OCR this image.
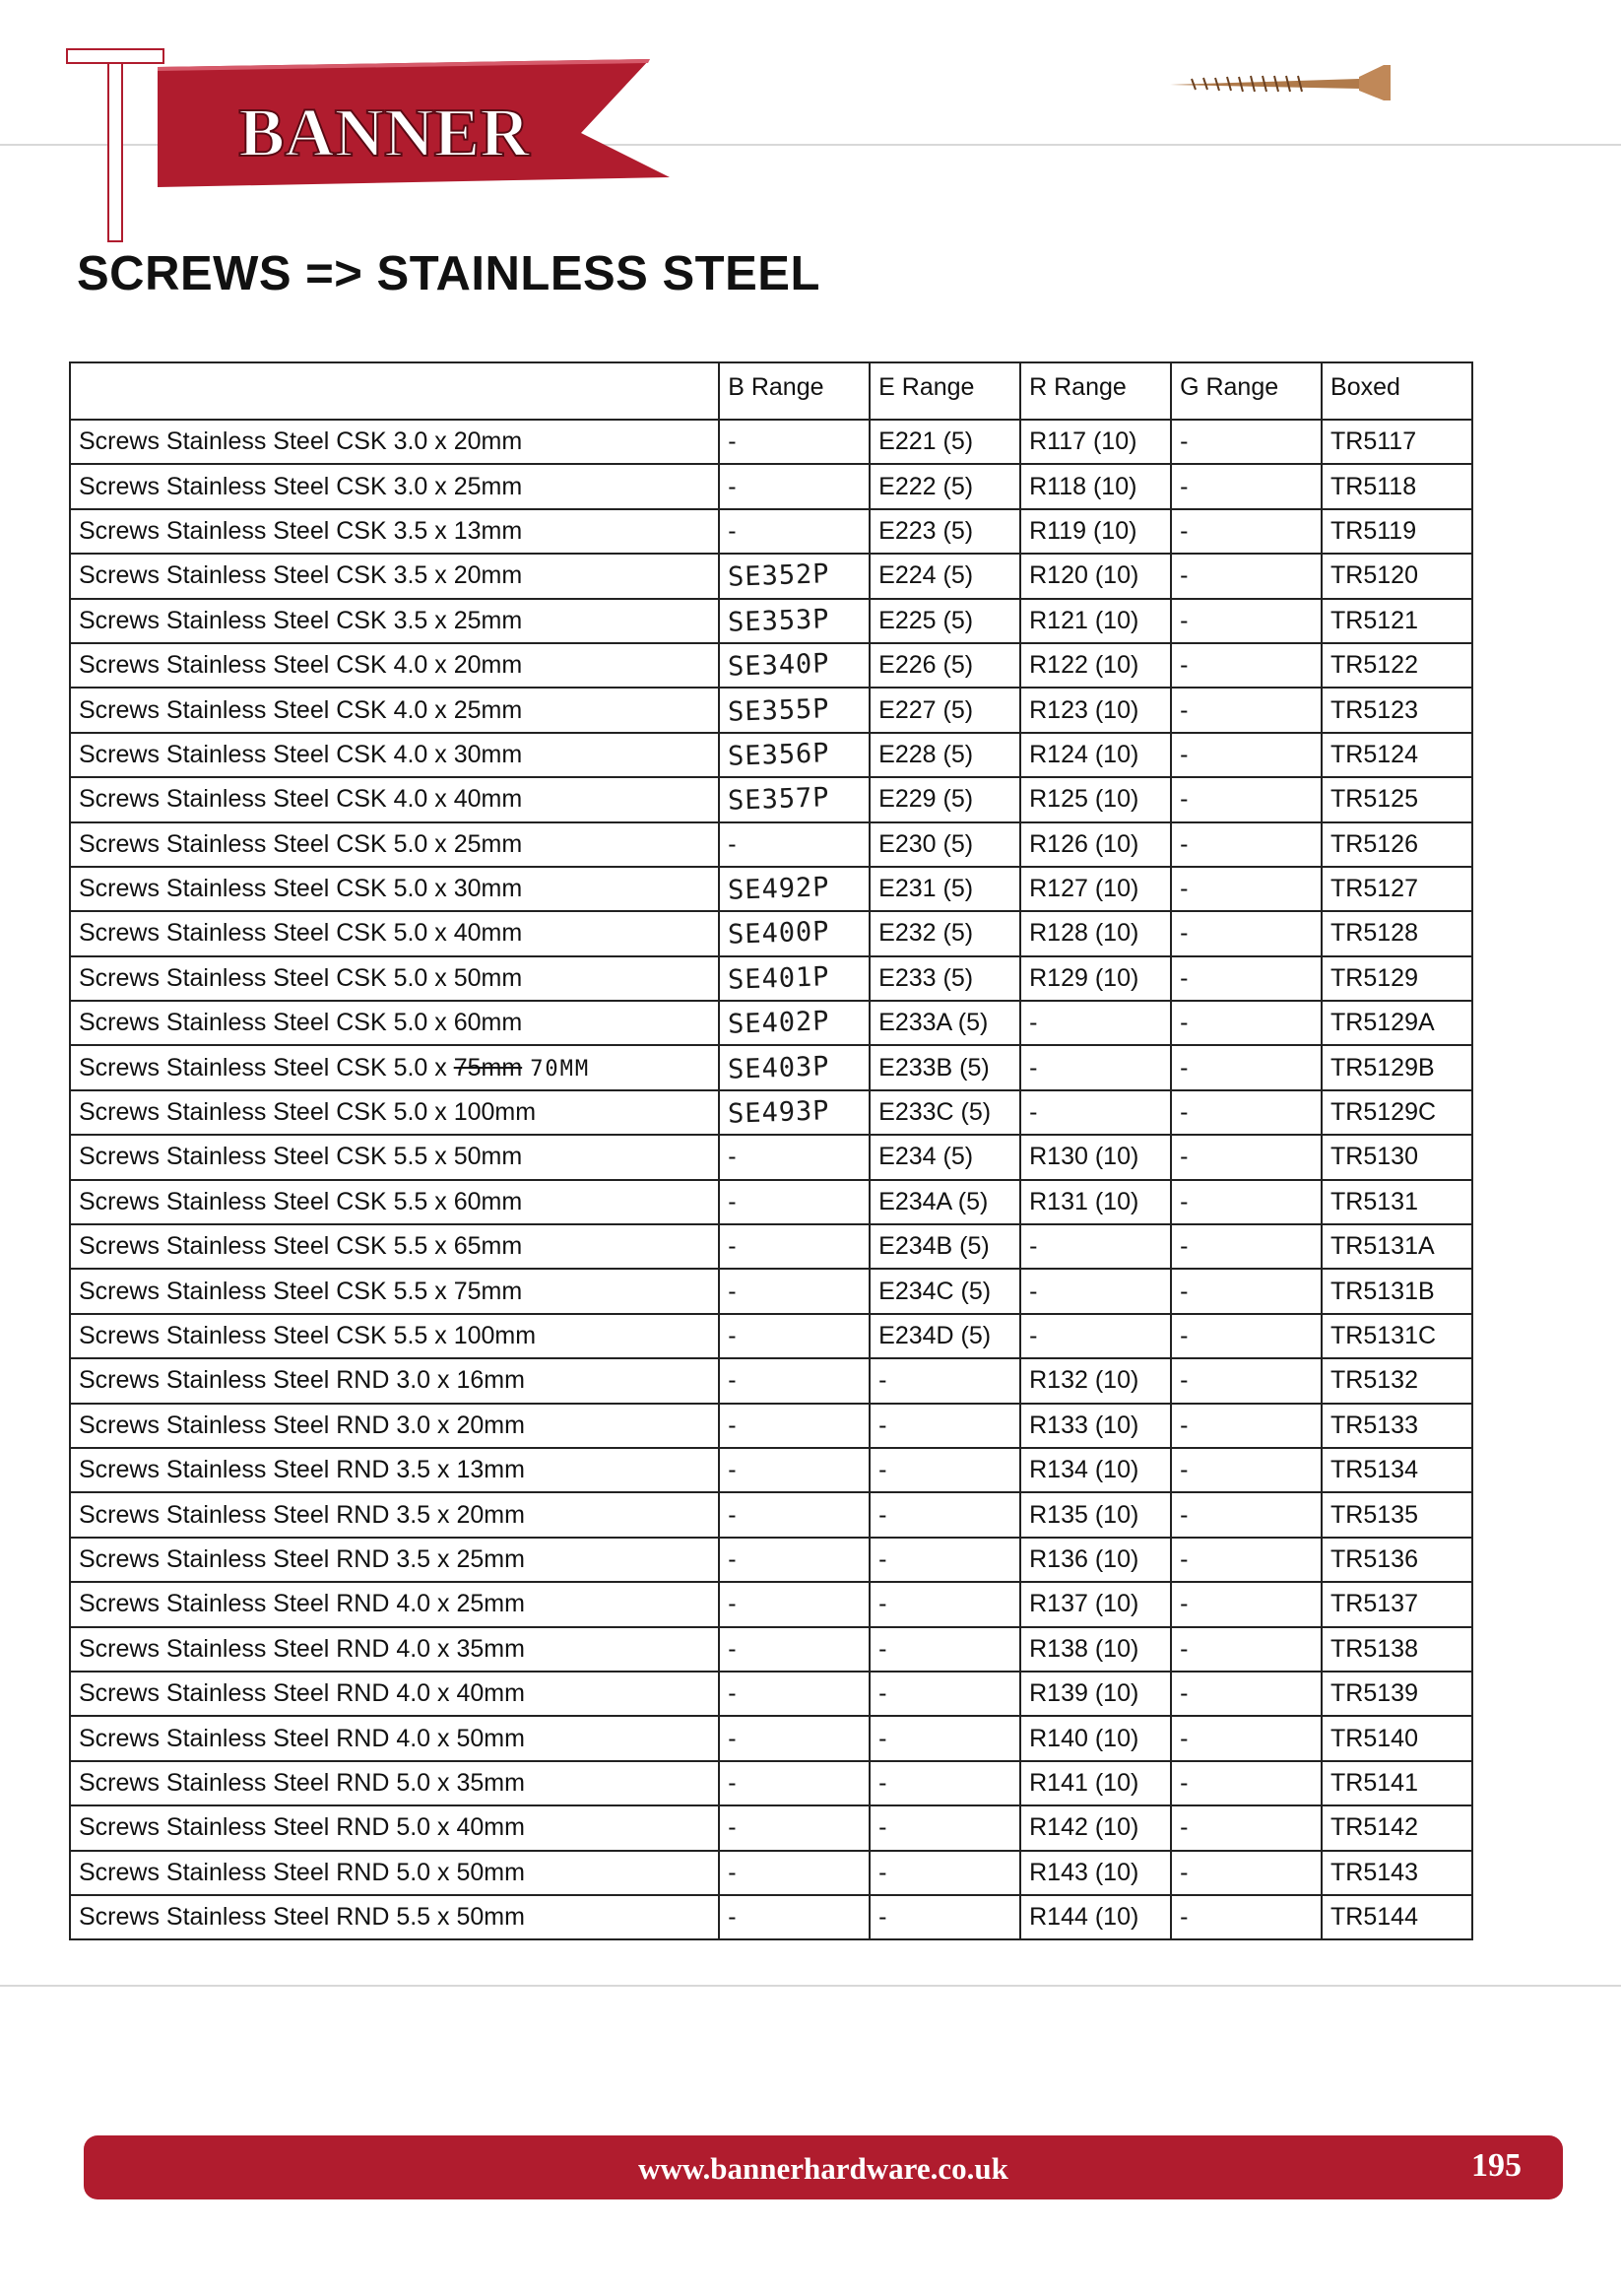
BANNER
SCREWS => STAINLESS STEEL
	B Range	E Range	R Range	G Range	Boxed
Screws Stainless Steel CSK 3.0 x 20mm	-	E221 (5)	R117 (10)	-	TR5117
Screws Stainless Steel CSK 3.0 x 25mm	-	E222 (5)	R118 (10)	-	TR5118
Screws Stainless Steel CSK 3.5 x 13mm	-	E223 (5)	R119 (10)	-	TR5119
Screws Stainless Steel CSK 3.5 x 20mm	SE352P	E224 (5)	R120 (10)	-	TR5120
Screws Stainless Steel CSK 3.5 x 25mm	SE353P	E225 (5)	R121 (10)	-	TR5121
Screws Stainless Steel CSK 4.0 x 20mm	SE340P	E226 (5)	R122 (10)	-	TR5122
Screws Stainless Steel CSK 4.0 x 25mm	SE355P	E227 (5)	R123 (10)	-	TR5123
Screws Stainless Steel CSK 4.0 x 30mm	SE356P	E228 (5)	R124 (10)	-	TR5124
Screws Stainless Steel CSK 4.0 x 40mm	SE357P	E229 (5)	R125 (10)	-	TR5125
Screws Stainless Steel CSK 5.0 x 25mm	-	E230 (5)	R126 (10)	-	TR5126
Screws Stainless Steel CSK 5.0 x 30mm	SE492P	E231 (5)	R127 (10)	-	TR5127
Screws Stainless Steel CSK 5.0 x 40mm	SE400P	E232 (5)	R128 (10)	-	TR5128
Screws Stainless Steel CSK 5.0 x 50mm	SE401P	E233 (5)	R129 (10)	-	TR5129
Screws Stainless Steel CSK 5.0 x 60mm	SE402P	E233A (5)	-	-	TR5129A
Screws Stainless Steel CSK 5.0 x 75mm 70MM	SE403P	E233B (5)	-	-	TR5129B
Screws Stainless Steel CSK 5.0 x 100mm	SE493P	E233C (5)	-	-	TR5129C
Screws Stainless Steel CSK 5.5 x 50mm	-	E234 (5)	R130 (10)	-	TR5130
Screws Stainless Steel CSK 5.5 x 60mm	-	E234A (5)	R131 (10)	-	TR5131
Screws Stainless Steel CSK 5.5 x 65mm	-	E234B (5)	-	-	TR5131A
Screws Stainless Steel CSK 5.5 x 75mm	-	E234C (5)	-	-	TR5131B
Screws Stainless Steel CSK 5.5 x 100mm	-	E234D (5)	-	-	TR5131C
Screws Stainless Steel RND 3.0 x 16mm	-	-	R132 (10)	-	TR5132
Screws Stainless Steel RND 3.0 x 20mm	-	-	R133 (10)	-	TR5133
Screws Stainless Steel RND 3.5 x 13mm	-	-	R134 (10)	-	TR5134
Screws Stainless Steel RND 3.5 x 20mm	-	-	R135 (10)	-	TR5135
Screws Stainless Steel RND 3.5 x 25mm	-	-	R136 (10)	-	TR5136
Screws Stainless Steel RND 4.0 x 25mm	-	-	R137 (10)	-	TR5137
Screws Stainless Steel RND 4.0 x 35mm	-	-	R138 (10)	-	TR5138
Screws Stainless Steel RND 4.0 x 40mm	-	-	R139 (10)	-	TR5139
Screws Stainless Steel RND 4.0 x 50mm	-	-	R140 (10)	-	TR5140
Screws Stainless Steel RND 5.0 x 35mm	-	-	R141 (10)	-	TR5141
Screws Stainless Steel RND 5.0 x 40mm	-	-	R142 (10)	-	TR5142
Screws Stainless Steel RND 5.0 x 50mm	-	-	R143 (10)	-	TR5143
Screws Stainless Steel RND 5.5 x 50mm	-	-	R144 (10)	-	TR5144
www.bannerhardware.co.uk	195
